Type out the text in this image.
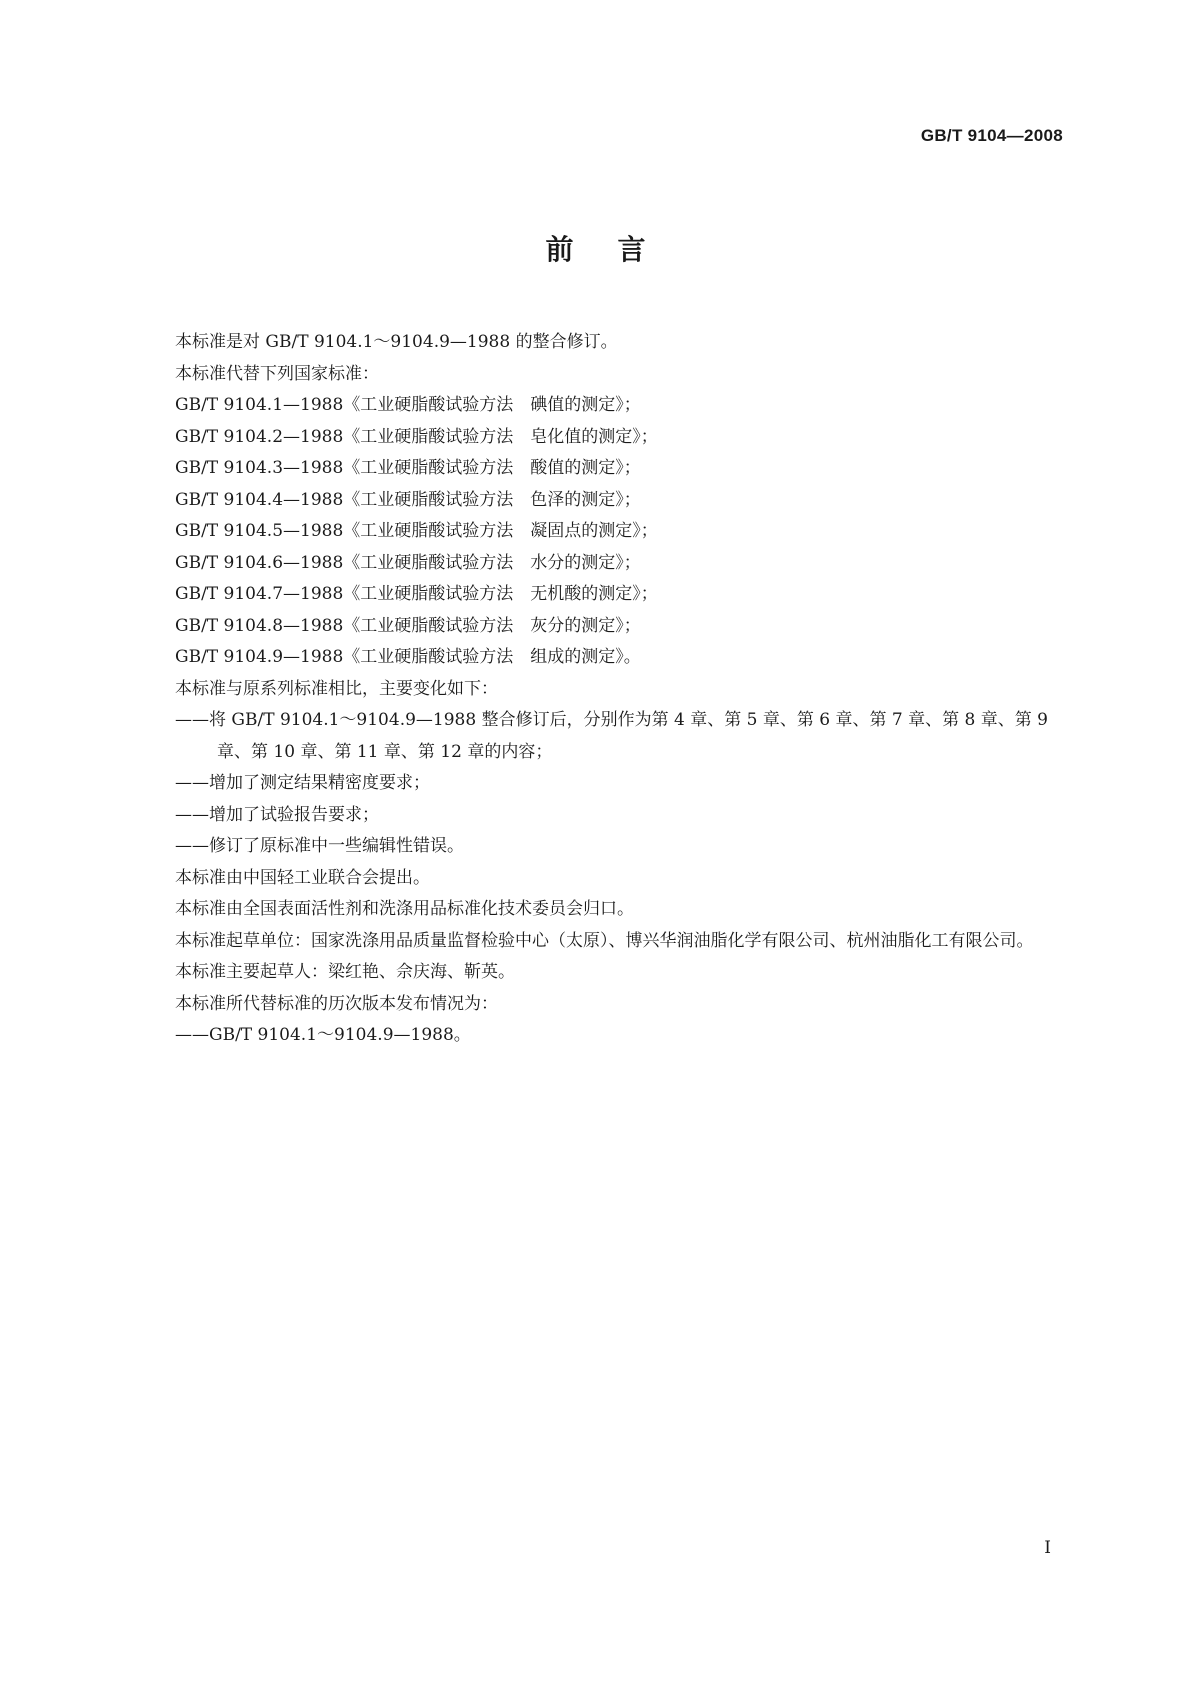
GB/T 9104—2008
前言
本标准是对 GB/T 9104.1～9104.9—1988 的整合修订。
本标准代替下列国家标准：
GB/T 9104.1—1988《工业硬脂酸试验方法　碘值的测定》；
GB/T 9104.2—1988《工业硬脂酸试验方法　皂化值的测定》；
GB/T 9104.3—1988《工业硬脂酸试验方法　酸值的测定》；
GB/T 9104.4—1988《工业硬脂酸试验方法　色泽的测定》；
GB/T 9104.5—1988《工业硬脂酸试验方法　凝固点的测定》；
GB/T 9104.6—1988《工业硬脂酸试验方法　水分的测定》；
GB/T 9104.7—1988《工业硬脂酸试验方法　无机酸的测定》；
GB/T 9104.8—1988《工业硬脂酸试验方法　灰分的测定》；
GB/T 9104.9—1988《工业硬脂酸试验方法　组成的测定》。
本标准与原系列标准相比，主要变化如下：
——将 GB/T 9104.1～9104.9—1988 整合修订后，分别作为第 4 章、第 5 章、第 6 章、第 7 章、第 8 章、第 9 章、第 10 章、第 11 章、第 12 章的内容；
——增加了测定结果精密度要求；
——增加了试验报告要求；
——修订了原标准中一些编辑性错误。
本标准由中国轻工业联合会提出。
本标准由全国表面活性剂和洗涤用品标准化技术委员会归口。
本标准起草单位：国家洗涤用品质量监督检验中心（太原）、博兴华润油脂化学有限公司、杭州油脂化工有限公司。
本标准主要起草人：梁红艳、佘庆海、靳英。
本标准所代替标准的历次版本发布情况为：
——GB/T 9104.1～9104.9—1988。
I
